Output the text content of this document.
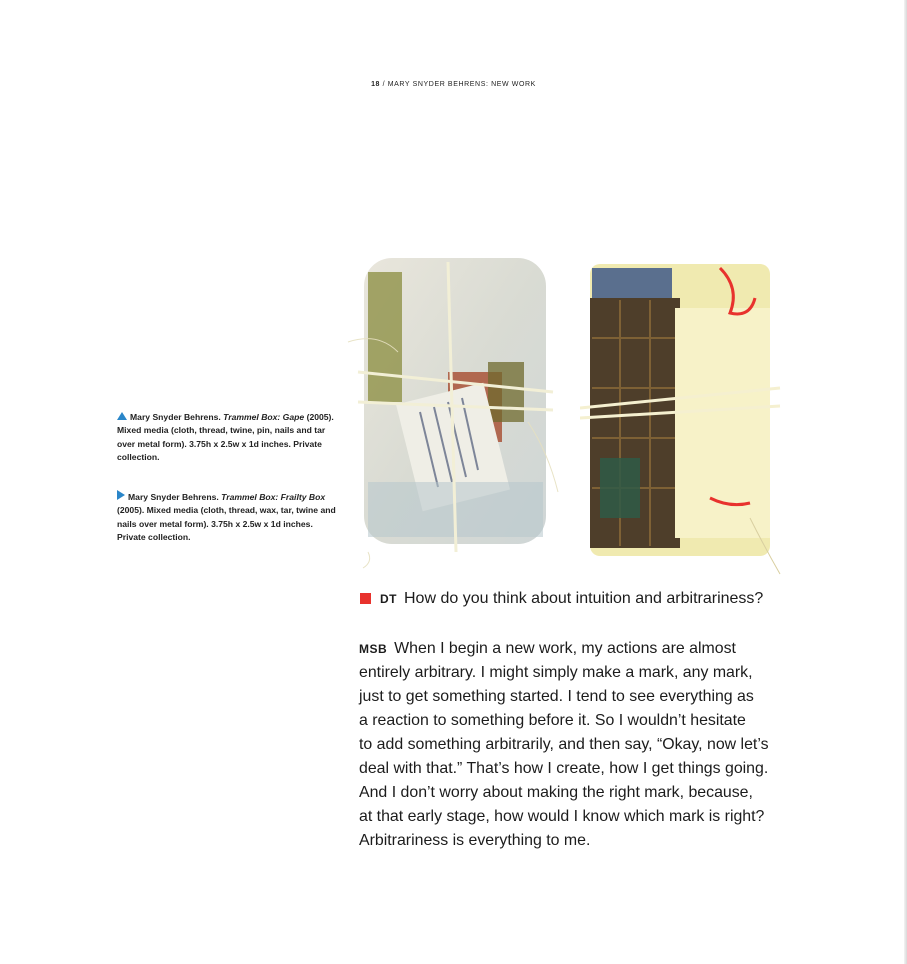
18 / MARY SNYDER BEHRENS: NEW WORK
Mary Snyder Behrens. Trammel Box: Gape (2005). Mixed media (cloth, thread, twine, pin, nails and tar over metal form). 3.75h x 2.5w x 1d inches. Private collection.
Mary Snyder Behrens. Trammel Box: Frailty Box (2005). Mixed media (cloth, thread, wax, tar, twine and nails over metal form). 3.75h x 2.5w x 1d inches. Private collection.
DT How do you think about intuition and arbitrariness?

MSB When I begin a new work, my actions are almost

entirely arbitrary. I might simply make a mark, any mark,

just to get something started. I tend to see everything as

a reaction to something before it. So I wouldn’t hesitate

to add something arbitrarily, and then say, “Okay, now let’s

deal with that.” That’s how I create, how I get things going.

And I don’t worry about making the right mark, because,

at that early stage, how would I know which mark is right?

Arbitrariness is everything to me.
